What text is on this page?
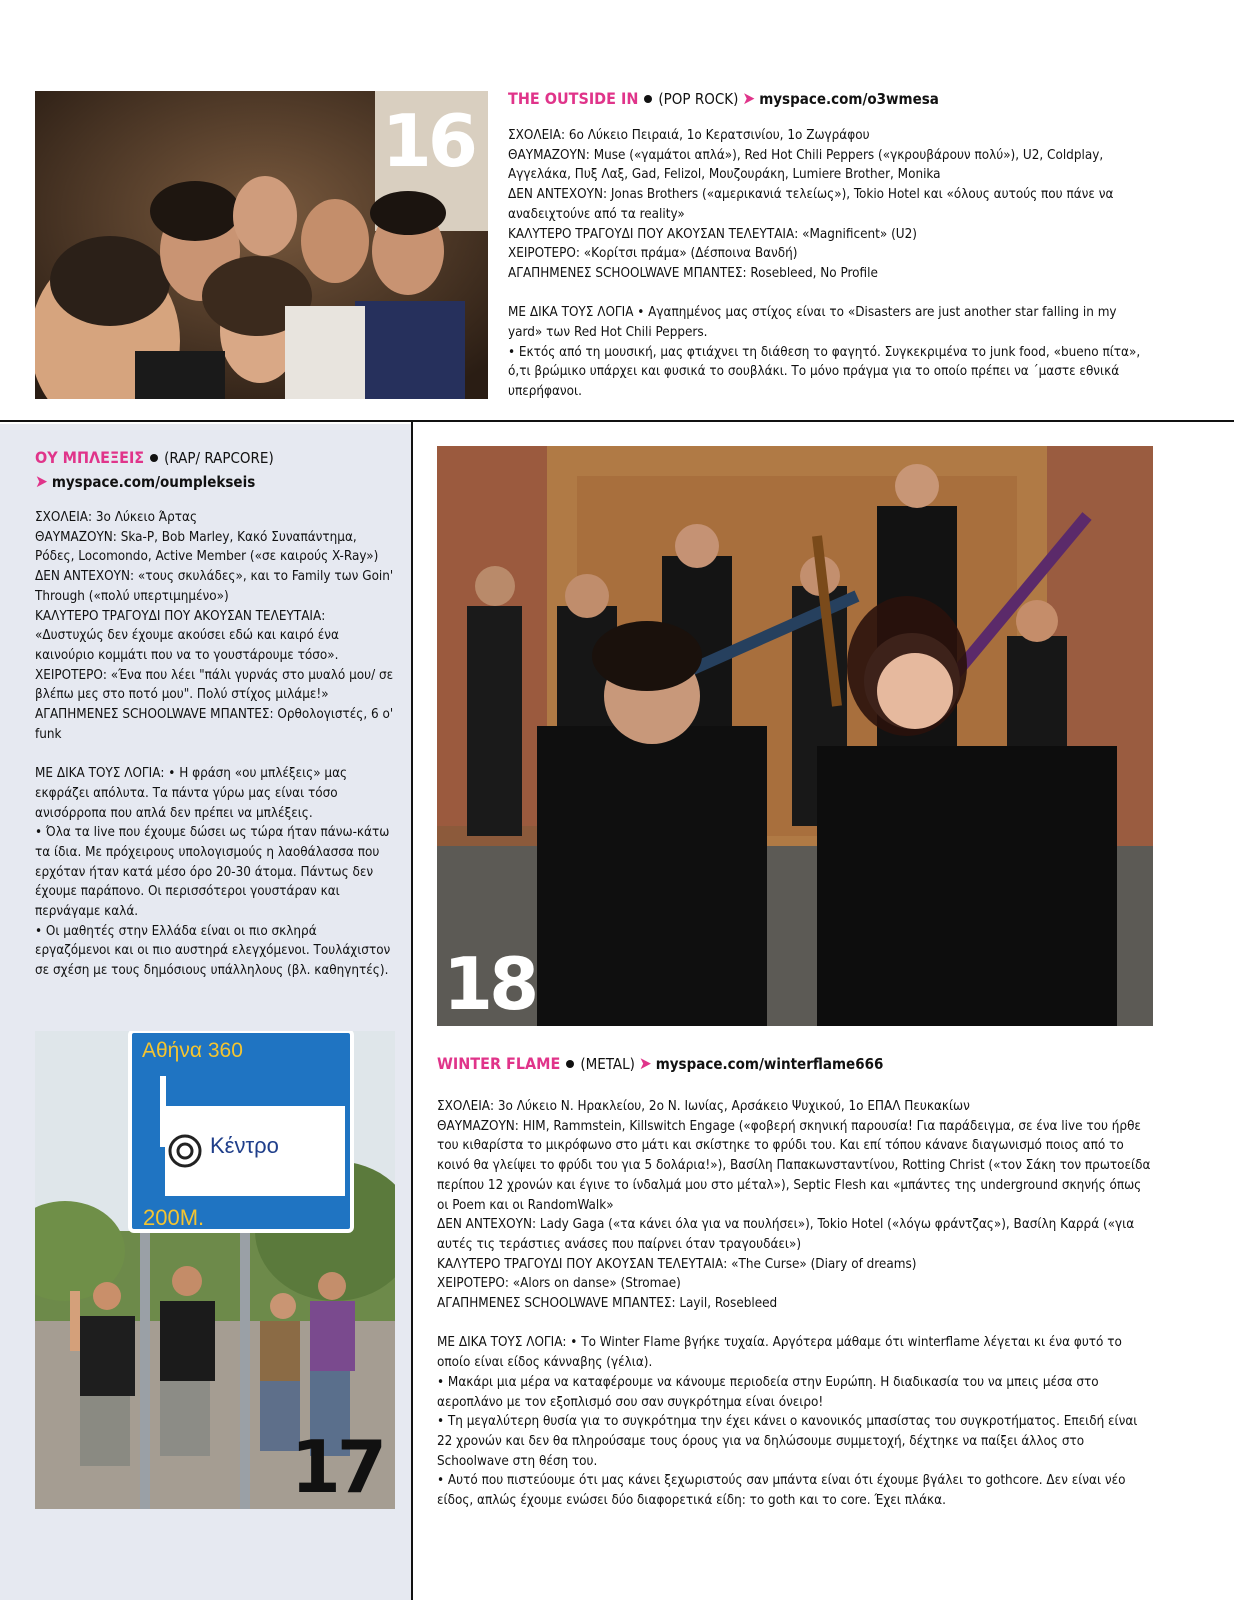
16
THE OUTSIDE IN (POP ROCK) ➤ myspace.com/o3wmesa

ΣΧΟΛΕΙΑ: 6ο Λύκειο Πειραιά, 1ο Κερατσινίου, 1ο Ζωγράφου

ΘΑΥΜΑΖΟΥΝ: Muse («γαμάτοι απλά»), Red Hot Chili Peppers («γκρουβάρουν πολύ»), U2, Coldplay, Αγγελάκα, Πυξ Λαξ, Gad, Felizol, Μουζουράκη, Lumiere Brother, Monika

ΔΕΝ ΑΝΤΕΧΟΥΝ: Jonas Brothers («αμερικανιά τελείως»), Tokio Hotel και «όλους αυτούς που πάνε να αναδειχτούνε από τα reality»

ΚΑΛΥΤΕΡΟ ΤΡΑΓΟΥΔΙ ΠΟΥ ΑΚΟΥΣΑΝ ΤΕΛΕΥΤΑΙΑ: «Magnificent» (U2)

ΧΕΙΡΟΤΕΡΟ: «Κορίτσι πράμα» (Δέσποινα Βανδή)

ΑΓΑΠΗΜΕΝΕΣ SCHOOLWAVE ΜΠΑΝΤΕΣ: Rosebleed, No Profile

ΜΕ ΔΙΚΑ ΤΟΥΣ ΛΟΓΙΑ • Αγαπημένος μας στίχος είναι το «Disasters are just another star falling in my yard» των Red Hot Chili Peppers.

• Εκτός από τη μουσική, μας φτιάχνει τη διάθεση το φαγητό. Συγκεκριμένα το junk food, «bueno πίτα», ό,τι βρώμικο υπάρχει και φυσικά το σουβλάκι. Το μόνο πράγμα για το οποίο πρέπει να ΄μαστε εθνικά υπερήφανοι.

ΟΥ ΜΠΛΕΞΕΙΣ (RAP/ RAPCORE)
➤ myspace.com/oumplekseis

ΣΧΟΛΕΙΑ: 3ο Λύκειο Άρτας

ΘΑΥΜΑΖΟΥΝ: Ska-P, Bob Marley, Κακό Συναπάντημα, Ρόδες, Locomondo, Active Member («σε καιρούς X-Ray»)

ΔΕΝ ΑΝΤΕΧΟΥΝ: «τους σκυλάδες», και το Family των Goin' Through («πολύ υπερτιμημένο»)

ΚΑΛΥΤΕΡΟ ΤΡΑΓΟΥΔΙ ΠΟΥ ΑΚΟΥΣΑΝ ΤΕΛΕΥΤΑΙΑ: «Δυστυχώς δεν έχουμε ακούσει εδώ και καιρό ένα καινούριο κομμάτι που να το γουστάρουμε τόσο».

ΧΕΙΡΟΤΕΡΟ: «Ένα που λέει "πάλι γυρνάς στο μυαλό μου/ σε βλέπω μες στο ποτό μου". Πολύ στίχος μιλάμε!»

ΑΓΑΠΗΜΕΝΕΣ SCHOOLWAVE ΜΠΑΝΤΕΣ: Ορθολογιστές, 6 ο' funk

ΜΕ ΔΙΚΑ ΤΟΥΣ ΛΟΓΙΑ: • Η φράση «ου μπλέξεις» μας εκφράζει απόλυτα. Τα πάντα γύρω μας είναι τόσο ανισόρροπα που απλά δεν πρέπει να μπλέξεις.

• Όλα τα live που έχουμε δώσει ως τώρα ήταν πάνω-κάτω τα ίδια. Με πρόχειρους υπολογισμούς η λαοθάλασσα που ερχόταν ήταν κατά μέσο όρο 20-30 άτομα. Πάντως δεν έχουμε παράπονο. Οι περισσότεροι γουστάραν και περνάγαμε καλά.

• Οι μαθητές στην Ελλάδα είναι οι πιο σκληρά εργαζόμενοι και οι πιο αυστηρά ελεγχόμενοι. Τουλάχιστον σε σχέση με τους δημόσιους υπάλληλους (βλ. καθηγητές).

Αθήνα 360
Κέντρο
200Μ.
17
18
WINTER FLAME (METAL) ➤ myspace.com/winterflame666

ΣΧΟΛΕΙΑ: 3ο Λύκειο Ν. Ηρακλείου, 2ο Ν. Ιωνίας, Αρσάκειο Ψυχικού, 1ο ΕΠΑΛ Πευκακίων

ΘΑΥΜΑΖΟΥΝ: HIM, Rammstein, Killswitch Engage («φοβερή σκηνική παρουσία! Για παράδειγμα, σε ένα live του ήρθε του κιθαρίστα το μικρόφωνο στο μάτι και σκίστηκε το φρύδι του. Και επί τόπου κάνανε διαγωνισμό ποιος από το κοινό θα γλείψει το φρύδι του για 5 δολάρια!»), Βασίλη Παπακωνσταντίνου, Rotting Christ («τον Σάκη τον πρωτοείδα περίπου 12 χρονών και έγινε το ίνδαλμά μου στο μέταλ»), Septic Flesh και «μπάντες της underground σκηνής όπως οι Poem και οι RandomWalk»

ΔΕΝ ΑΝΤΕΧΟΥΝ: Lady Gaga («τα κάνει όλα για να πουλήσει»), Tokio Hotel («λόγω φράντζας»), Βασίλη Καρρά («για αυτές τις τεράστιες ανάσες που παίρνει όταν τραγουδάει»)

ΚΑΛΥΤΕΡΟ ΤΡΑΓΟΥΔΙ ΠΟΥ ΑΚΟΥΣΑΝ ΤΕΛΕΥΤΑΙΑ: «The Curse» (Diary of dreams)

ΧΕΙΡΟΤΕΡΟ: «Alors on danse» (Stromae)

ΑΓΑΠΗΜΕΝΕΣ SCHOOLWAVE ΜΠΑΝΤΕΣ: Layil, Rosebleed

ΜΕ ΔΙΚΑ ΤΟΥΣ ΛΟΓΙΑ: • Το Winter Flame βγήκε τυχαία. Αργότερα μάθαμε ότι winterflame λέγεται κι ένα φυτό το οποίο είναι είδος κάνναβης (γέλια).

• Μακάρι μια μέρα να καταφέρουμε να κάνουμε περιοδεία στην Ευρώπη. Η διαδικασία του να μπεις μέσα στο αεροπλάνο με τον εξοπλισμό σου σαν συγκρότημα είναι όνειρο!

• Τη μεγαλύτερη θυσία για το συγκρότημα την έχει κάνει ο κανονικός μπασίστας του συγκροτήματος. Επειδή είναι 22 χρονών και δεν θα πληρούσαμε τους όρους για να δηλώσουμε συμμετοχή, δέχτηκε να παίξει άλλος στο Schoolwave στη θέση του.

• Αυτό που πιστεύουμε ότι μας κάνει ξεχωριστούς σαν μπάντα είναι ότι έχουμε βγάλει το gothcore. Δεν είναι νέο είδος, απλώς έχουμε ενώσει δύο διαφορετικά είδη: το goth και το core. Έχει πλάκα.
